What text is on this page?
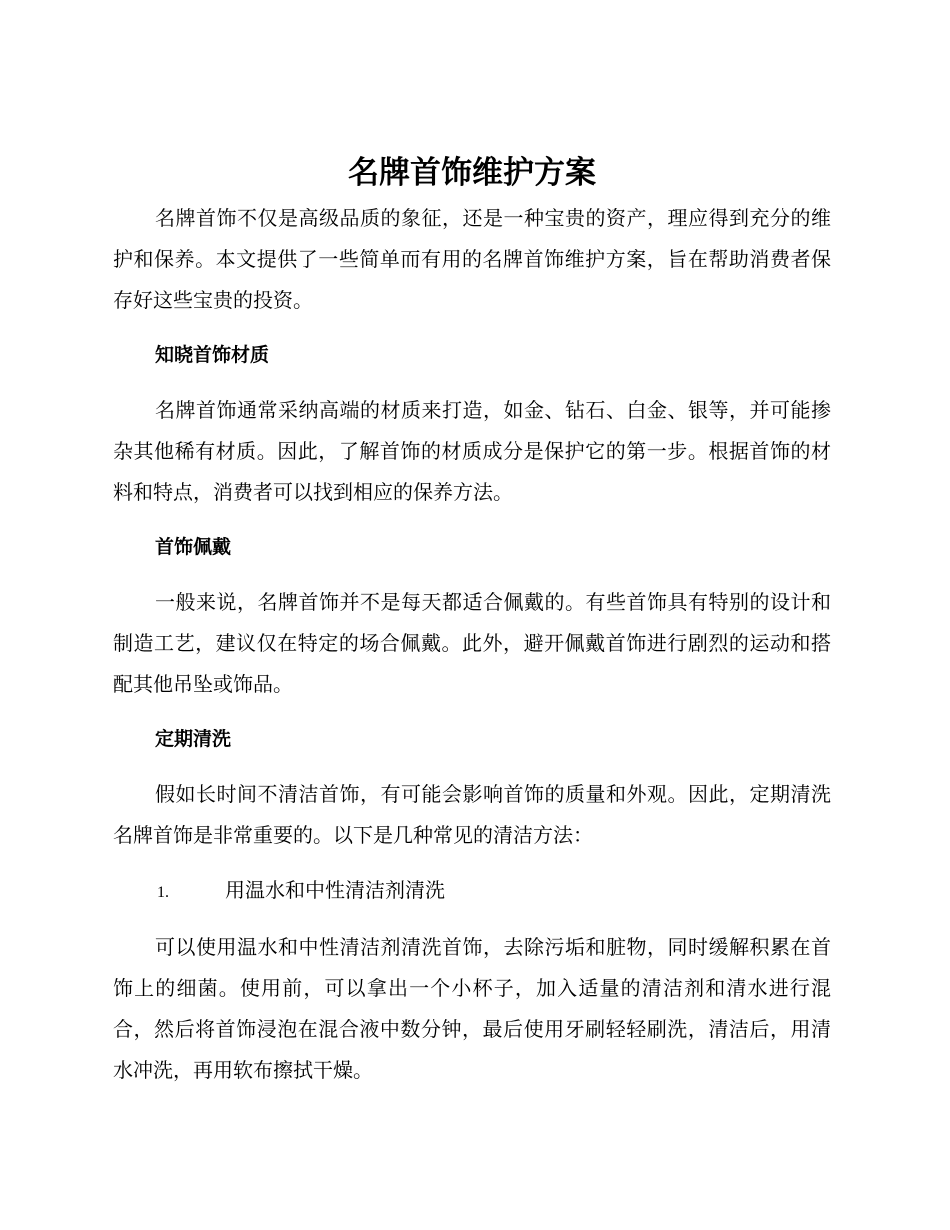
名牌首饰维护方案

名牌首饰不仅是高级品质的象征，还是一种宝贵的资产，理应得到充分的维护和保养。本文提供了一些简单而有用的名牌首饰维护方案，旨在帮助消费者保存好这些宝贵的投资。

知晓首饰材质

名牌首饰通常采纳高端的材质来打造，如金、钻石、白金、银等，并可能掺杂其他稀有材质。因此，了解首饰的材质成分是保护它的第一步。根据首饰的材料和特点，消费者可以找到相应的保养方法。

首饰佩戴

一般来说，名牌首饰并不是每天都适合佩戴的。有些首饰具有特别的设计和制造工艺，建议仅在特定的场合佩戴。此外，避开佩戴首饰进行剧烈的运动和搭配其他吊坠或饰品。

定期清洗

假如长时间不清洁首饰，有可能会影响首饰的质量和外观。因此，定期清洗名牌首饰是非常重要的。以下是几种常见的清洁方法：

1.	用温水和中性清洁剂清洗

可以使用温水和中性清洁剂清洗首饰，去除污垢和脏物，同时缓解积累在首饰上的细菌。使用前，可以拿出一个小杯子，加入适量的清洁剂和清水进行混合，然后将首饰浸泡在混合液中数分钟，最后使用牙刷轻轻刷洗，清洁后，用清水冲洗，再用软布擦拭干燥。
